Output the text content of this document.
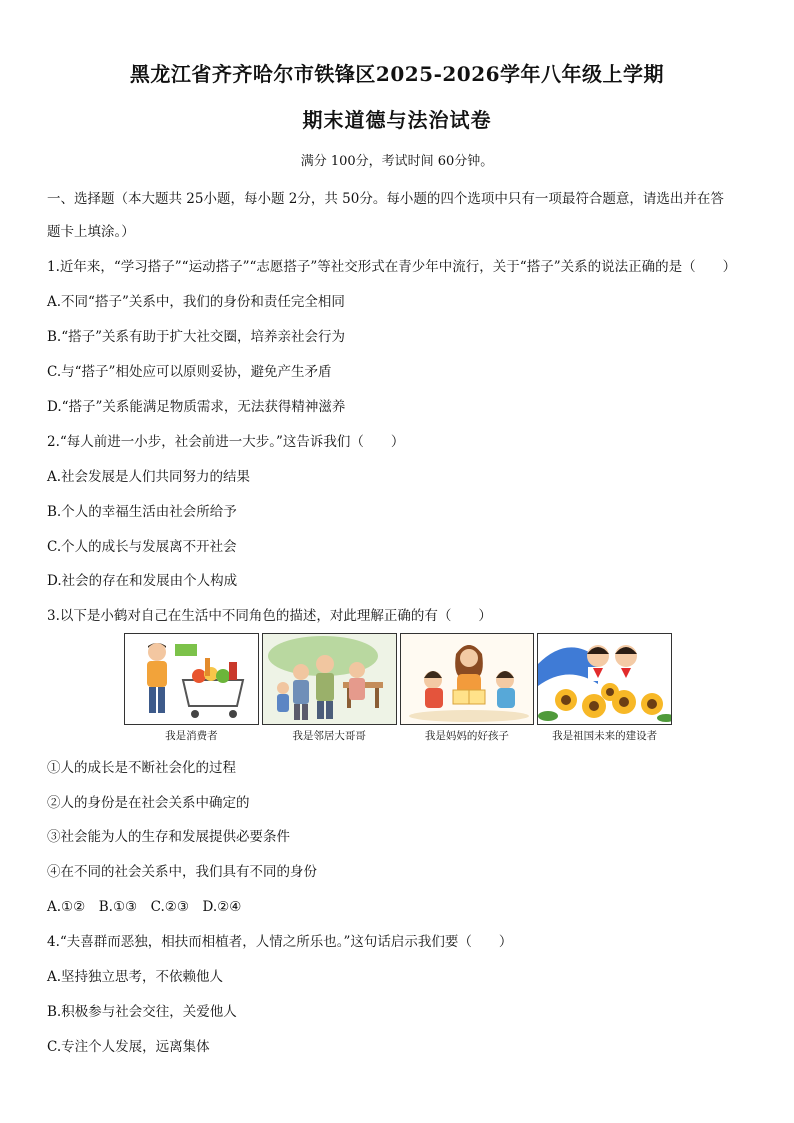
黑龙江省齐齐哈尔市铁锋区2025-2026学年八年级上学期
期末道德与法治试卷
满分 100分，考试时间 60分钟。
一、选择题（本大题共 25小题，每小题 2分，共 50分。每小题的四个选项中只有一项最符合题意，请选出并在答
题卡上填涂。）
1.近年来，“学习搭子”“运动搭子”“志愿搭子”等社交形式在青少年中流行，关于“搭子”关系的说法正确的是（　　）
A.不同“搭子”关系中，我们的身份和责任完全相同
B.“搭子”关系有助于扩大社交圈，培养亲社会行为
C.与“搭子”相处应可以原则妥协，避免产生矛盾
D.“搭子”关系能满足物质需求，无法获得精神滋养
2.“每人前进一小步，社会前进一大步。”这告诉我们（　　）
A.社会发展是人们共同努力的结果
B.个人的幸福生活由社会所给予
C.个人的成长与发展离不开社会
D.社会的存在和发展由个人构成
3.以下是小鹤对自己在生活中不同角色的描述，对此理解正确的有（　　）
我是消费者	我是邻居大哥哥	我是妈妈的好孩子	我是祖国未来的建设者
①人的成长是不断社会化的过程
②人的身份是在社会关系中确定的
③社会能为人的生存和发展提供必要条件
④在不同的社会关系中，我们具有不同的身份
A.①②　B.①③　C.②③　D.②④
4.“夫喜群而恶独，相扶而相植者，人情之所乐也。”这句话启示我们要（　　）
A.坚持独立思考，不依赖他人
B.积极参与社会交往，关爱他人
C.专注个人发展，远离集体
